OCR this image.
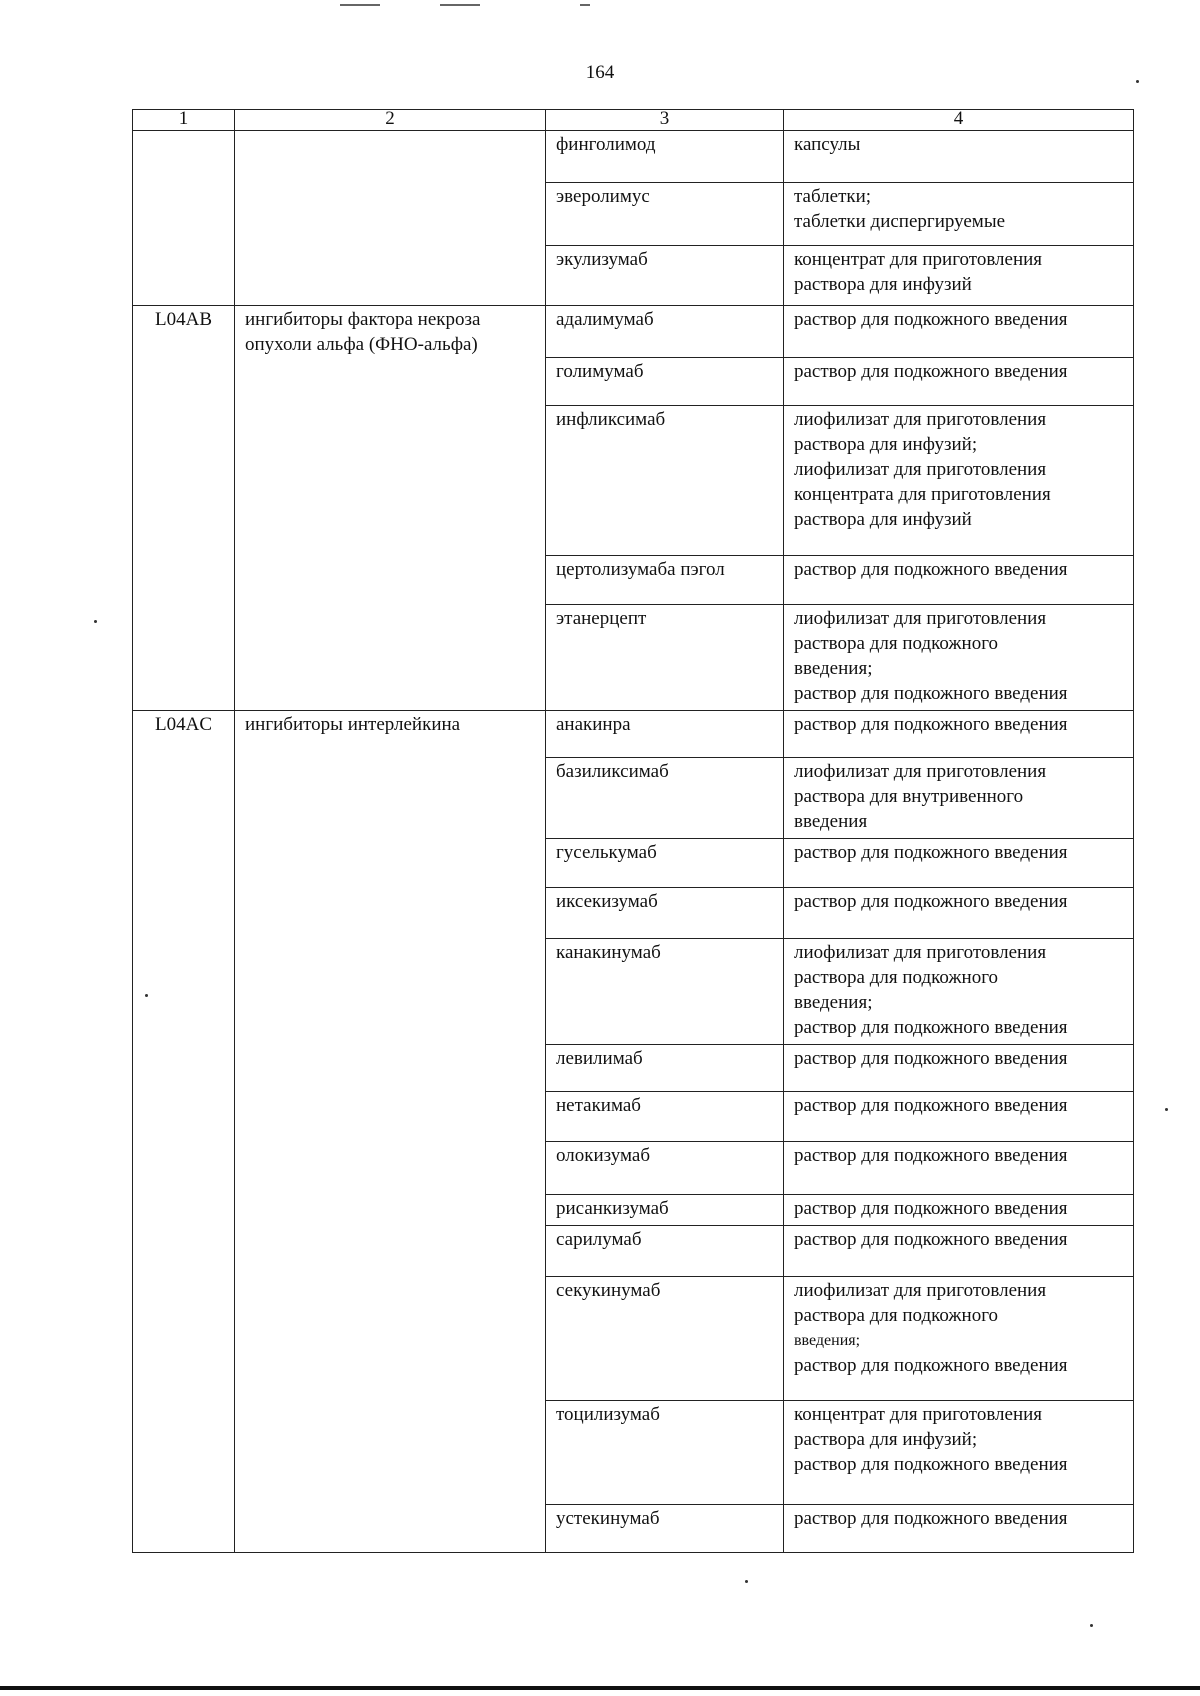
164
1	2	3	4
		финголимод	капсулы

		эверолимус	таблетки;
таблетки диспергируемые

		экулизумаб	концентрат для приготовления
раствора для инфузий

L04AB	ингибиторы фактора некроза опухоли альфа (ФНО-альфа)	адалимумаб	раствор для подкожного введения

		голимумаб	раствор для подкожного введения

		инфликсимаб	лиофилизат для приготовления
раствора для инфузий;
лиофилизат для приготовления
концентрата для приготовления
раствора для инфузий

		цертолизумаба пэгол	раствор для подкожного введения

		этанерцепт	лиофилизат для приготовления
раствора для подкожного
введения;
раствор для подкожного введения

L04AC	ингибиторы интерлейкина	анакинра	раствор для подкожного введения

		базиликсимаб	лиофилизат для приготовления
раствора для внутривенного
введения

		гуселькумаб	раствор для подкожного введения

		иксекизумаб	раствор для подкожного введения

		канакинумаб	лиофилизат для приготовления
раствора для подкожного
введения;
раствор для подкожного введения

		левилимаб	раствор для подкожного введения

		нетакимаб	раствор для подкожного введения

		олокизумаб	раствор для подкожного введения

		рисанкизумаб	раствор для подкожного введения

		сарилумаб	раствор для подкожного введения

		секукинумаб	лиофилизат для приготовления
раствора для подкожного
введения;
раствор для подкожного введения

		тоцилизумаб	концентрат для приготовления
раствора для инфузий;
раствор для подкожного введения

		устекинумаб	раствор для подкожного введения
